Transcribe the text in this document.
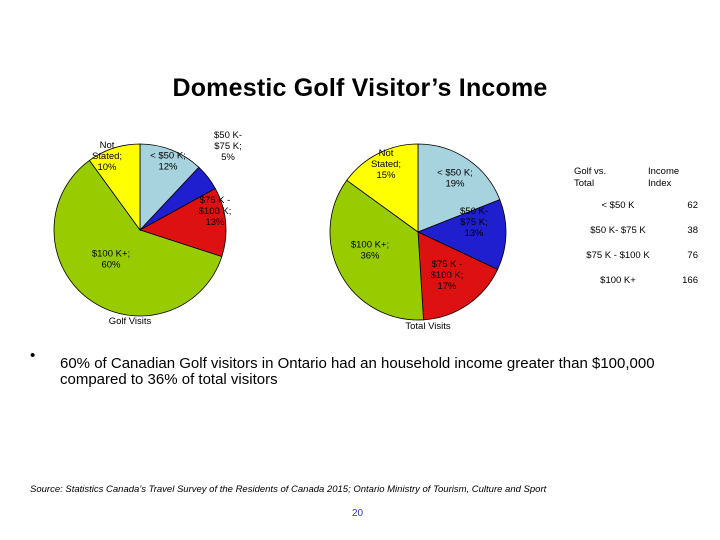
Domestic Golf Visitor’s Income
< $50 K; 12%
$50 K-$75 K; 5%
$75 K -$100 K; 13%
$100 K+; 60%
Not Stated; 10%
Golf Visits
< $50 K; 19%
$50 K-$75 K; 13%
$75 K -$100 K; 17%
$100 K+; 36%
Not Stated; 15%
Total Visits
Golf vs.
Total
Income
Index
< $50 K	62
$50 K- $75 K	38
$75 K - $100 K	76
$100 K+	166
• 60% of Canadian Golf visitors in Ontario had an household income greater than $100,000 compared to 36% of total visitors
Source: Statistics Canada’s Travel Survey of the Residents of Canada 2015; Ontario Ministry of Tourism, Culture and Sport
20
